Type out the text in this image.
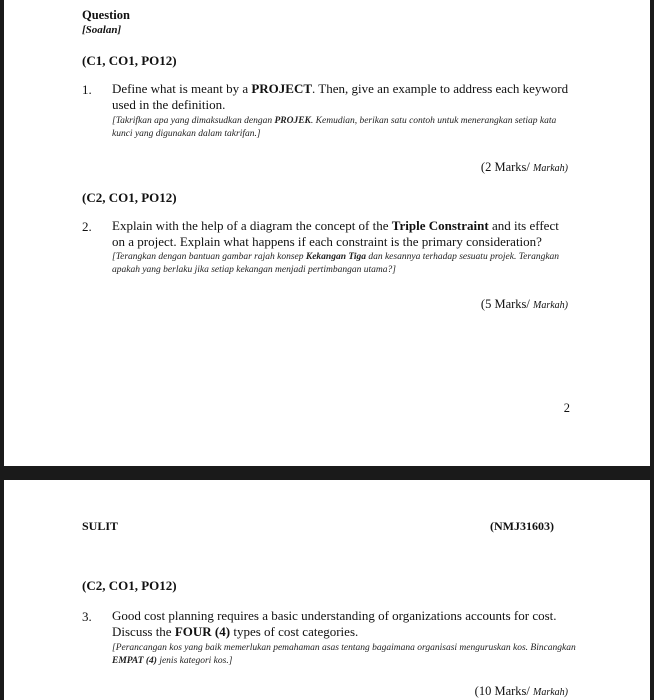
Question
[Soalan]
(C1, CO1, PO12)
1. Define what is meant by a PROJECT. Then, give an example to address each keyword used in the definition.
[Takrifkan apa yang dimaksudkan dengan PROJEK. Kemudian, berikan satu contoh untuk menerangkan setiap kata kunci yang digunakan dalam takrifan.]
(2 Marks/ Markah)
(C2, CO1, PO12)
2. Explain with the help of a diagram the concept of the Triple Constraint and its effect on a project. Explain what happens if each constraint is the primary consideration?
[Terangkan dengan bantuan gambar rajah konsep Kekangan Tiga dan kesannya terhadap sesuatu projek. Terangkan apakah yang berlaku jika setiap kekangan menjadi pertimbangan utama?]
(5 Marks/ Markah)
2
SULIT	(NMJ31603)
(C2, CO1, PO12)
3. Good cost planning requires a basic understanding of organizations accounts for cost. Discuss the FOUR (4) types of cost categories.
[Perancangan kos yang baik memerlukan pemahaman asas tentang bagaimana organisasi menguruskan kos. Bincangkan EMPAT (4) jenis kategori kos.]
(10 Marks/ Markah)
